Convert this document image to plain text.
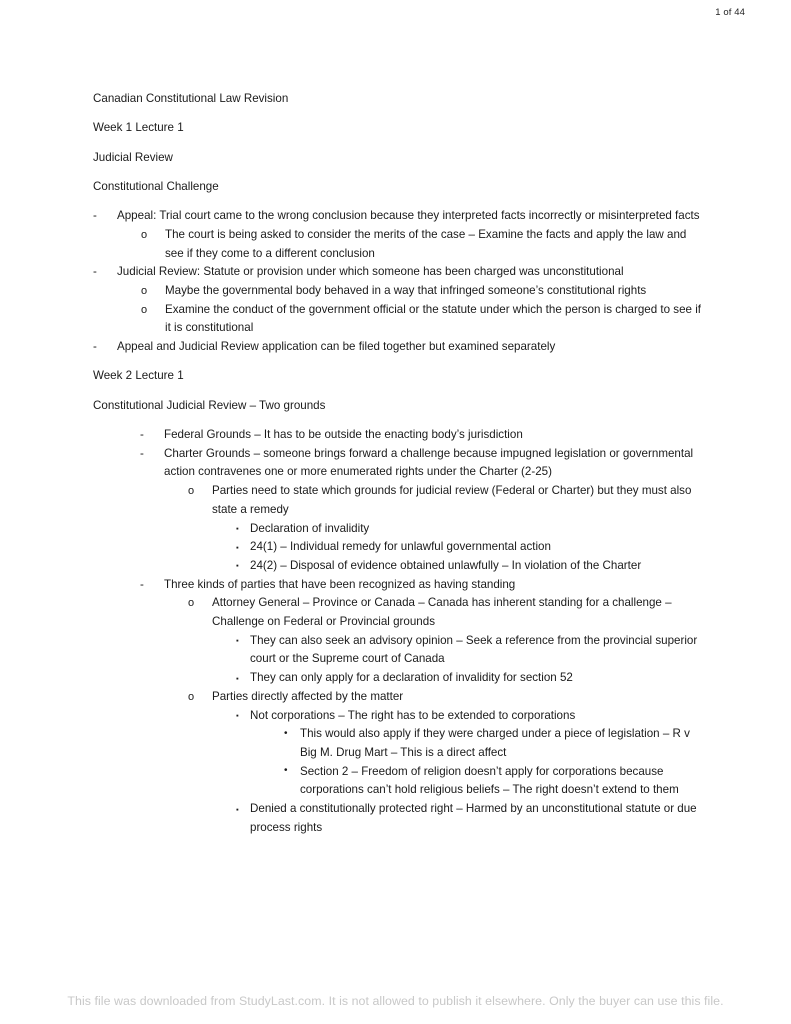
1 of 44

Canadian Constitutional Law Revision

Week 1 Lecture 1

Judicial Review

Constitutional Challenge

- Appeal: Trial court came to the wrong conclusion because they interpreted facts incorrectly or misinterpreted facts
o The court is being asked to consider the merits of the case – Examine the facts and apply the law and see if they come to a different conclusion
- Judicial Review: Statute or provision under which someone has been charged was unconstitutional
o Maybe the governmental body behaved in a way that infringed someone’s constitutional rights
o Examine the conduct of the government official or the statute under which the person is charged to see if it is constitutional
- Appeal and Judicial Review application can be filed together but examined separately

Week 2 Lecture 1

Constitutional Judicial Review – Two grounds

- Federal Grounds – It has to be outside the enacting body’s jurisdiction
- Charter Grounds – someone brings forward a challenge because impugned legislation or governmental action contravenes one or more enumerated rights under the Charter (2-25)
o Parties need to state which grounds for judicial review (Federal or Charter) but they must also state a remedy
▪ Declaration of invalidity
▪ 24(1) – Individual remedy for unlawful governmental action
▪ 24(2) – Disposal of evidence obtained unlawfully – In violation of the Charter
- Three kinds of parties that have been recognized as having standing
o Attorney General – Province or Canada – Canada has inherent standing for a challenge – Challenge on Federal or Provincial grounds
▪ They can also seek an advisory opinion – Seek a reference from the provincial superior court or the Supreme court of Canada
▪ They can only apply for a declaration of invalidity for section 52
o Parties directly affected by the matter
▪ Not corporations – The right has to be extended to corporations
• This would also apply if they were charged under a piece of legislation – R v Big M. Drug Mart – This is a direct affect
• Section 2 – Freedom of religion doesn’t apply for corporations because corporations can’t hold religious beliefs – The right doesn’t extend to them
▪ Denied a constitutionally protected right – Harmed by an unconstitutional statute or due process rights
This file was downloaded from StudyLast.com. It is not allowed to publish it elsewhere. Only the buyer can use this file.
